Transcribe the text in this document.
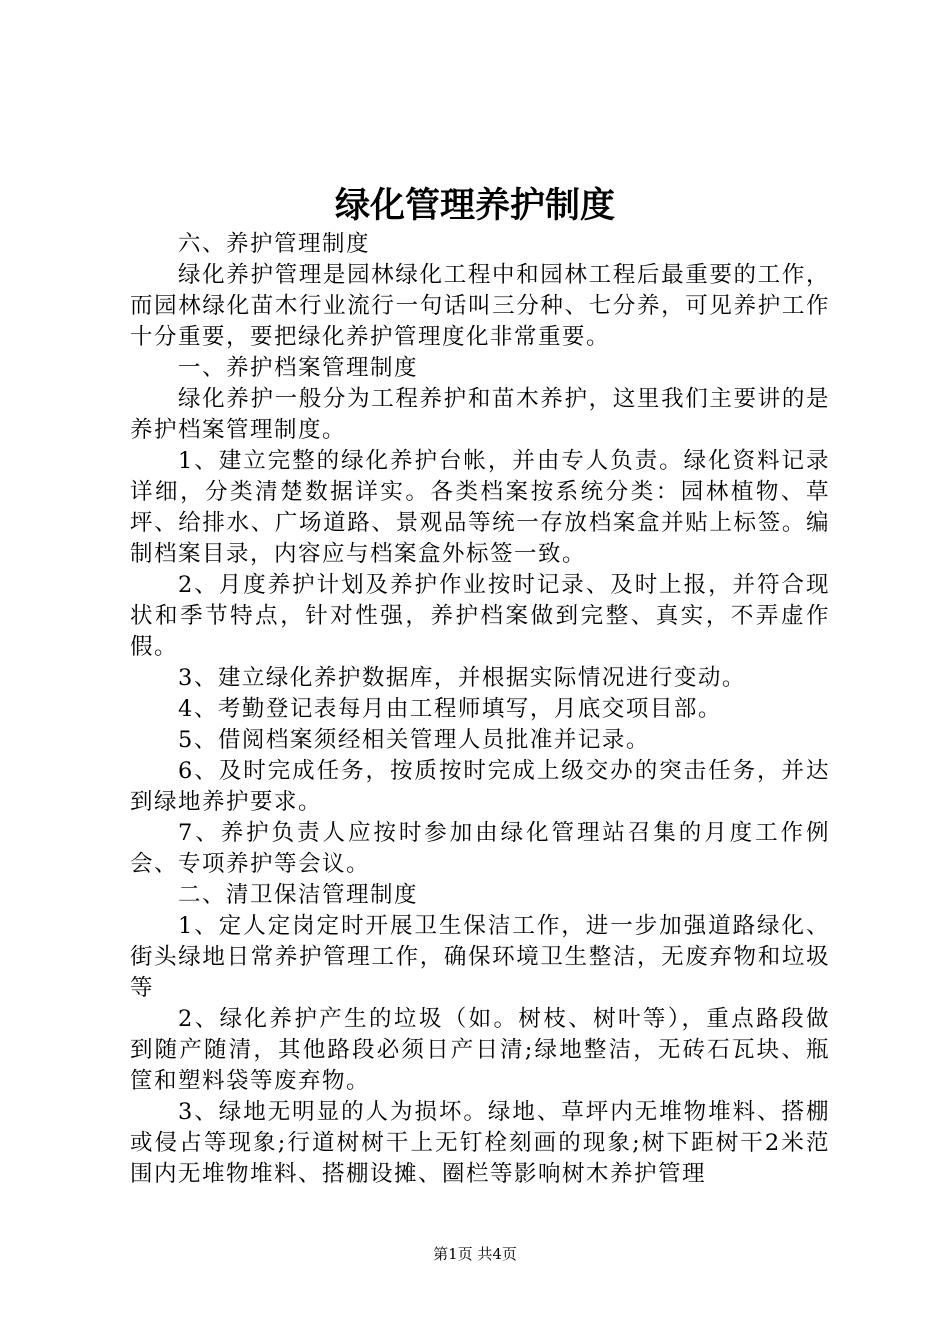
绿化管理养护制度

六、养护管理制度

绿化养护管理是园林绿化工程中和园林工程后最重要的工作，而园林绿化苗木行业流行一句话叫三分种、七分养，可见养护工作十分重要，要把绿化养护管理度化非常重要。

一、养护档案管理制度

绿化养护一般分为工程养护和苗木养护，这里我们主要讲的是养护档案管理制度。

1、建立完整的绿化养护台帐，并由专人负责。绿化资料记录详细，分类清楚数据详实。各类档案按系统分类：园林植物、草坪、给排水、广场道路、景观品等统一存放档案盒并贴上标签。编制档案目录，内容应与档案盒外标签一致。

2、月度养护计划及养护作业按时记录、及时上报，并符合现状和季节特点，针对性强，养护档案做到完整、真实，不弄虚作假。

3、建立绿化养护数据库，并根据实际情况进行变动。

4、考勤登记表每月由工程师填写，月底交项目部。

5、借阅档案须经相关管理人员批准并记录。

6、及时完成任务，按质按时完成上级交办的突击任务，并达到绿地养护要求。

7、养护负责人应按时参加由绿化管理站召集的月度工作例会、专项养护等会议。

二、清卫保洁管理制度

1、定人定岗定时开展卫生保洁工作，进一步加强道路绿化、街头绿地日常养护管理工作，确保环境卫生整洁，无废弃物和垃圾等

2、绿化养护产生的垃圾（如。树枝、树叶等），重点路段做到随产随清，其他路段必须日产日清;绿地整洁，无砖石瓦块、瓶筐和塑料袋等废弃物。

3、绿地无明显的人为损坏。绿地、草坪内无堆物堆料、搭棚或侵占等现象;行道树树干上无钉栓刻画的现象;树下距树干2米范围内无堆物堆料、搭棚设摊、圈栏等影响树木养护管理

第1页 共4页
